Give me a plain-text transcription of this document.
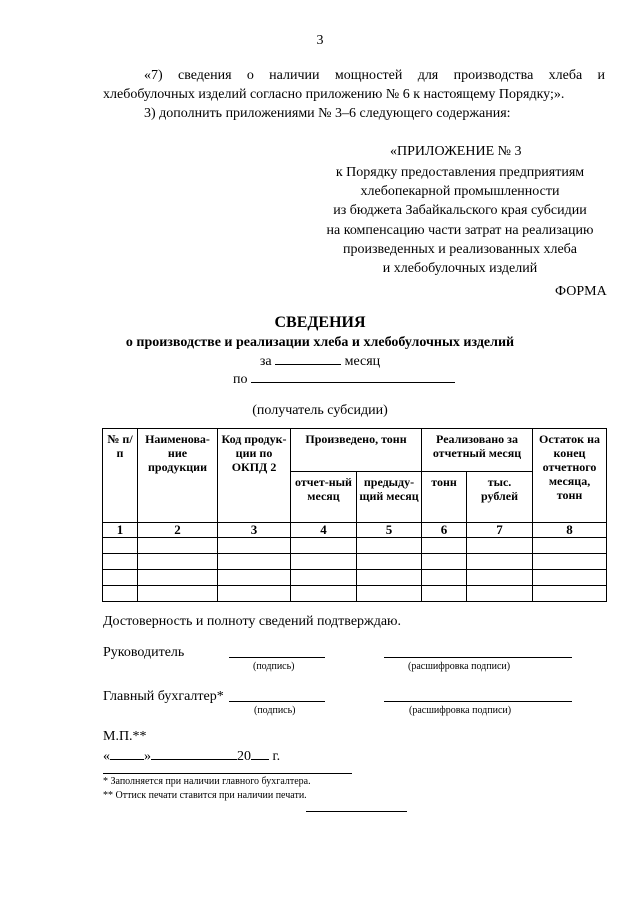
3
«7) сведения о наличии мощностей для производства хлеба и хлебобулочных изделий согласно приложению № 6 к настоящему Порядку;».
3) дополнить приложениями № 3–6 следующего содержания:
«ПРИЛОЖЕНИЕ № 3
к Порядку предоставления предприятиям
хлебопекарной промышленности
из бюджета Забайкальского края субсидии
на компенсацию части затрат на реализацию
произведенных и реализованных хлеба
и хлебобулочных изделий
ФОРМА
СВЕДЕНИЯ
о производстве и реализации хлеба и хлебобулочных изделий
за	месяц
по
(получатель субсидии)
№ п/п	Наименова-ние продукции	Код продук-ции по ОКПД 2	Произведено, тонн		Реализовано за отчетный месяц		Остаток на конец отчетного месяца, тонн
			отчет-ный месяц	предыду-щий месяц	тонн	тыс. рублей	
1	2	3	4	5	6	7	8

Достоверность и полноту сведений подтверждаю.
Руководитель
(подпись)	(расшифровка подписи)
Главный бухгалтер*
(подпись)	(расшифровка подписи)
М.П.**
« »	20 г.
* Заполняется при наличии главного бухгалтера.
** Оттиск печати ставится при наличии печати.
